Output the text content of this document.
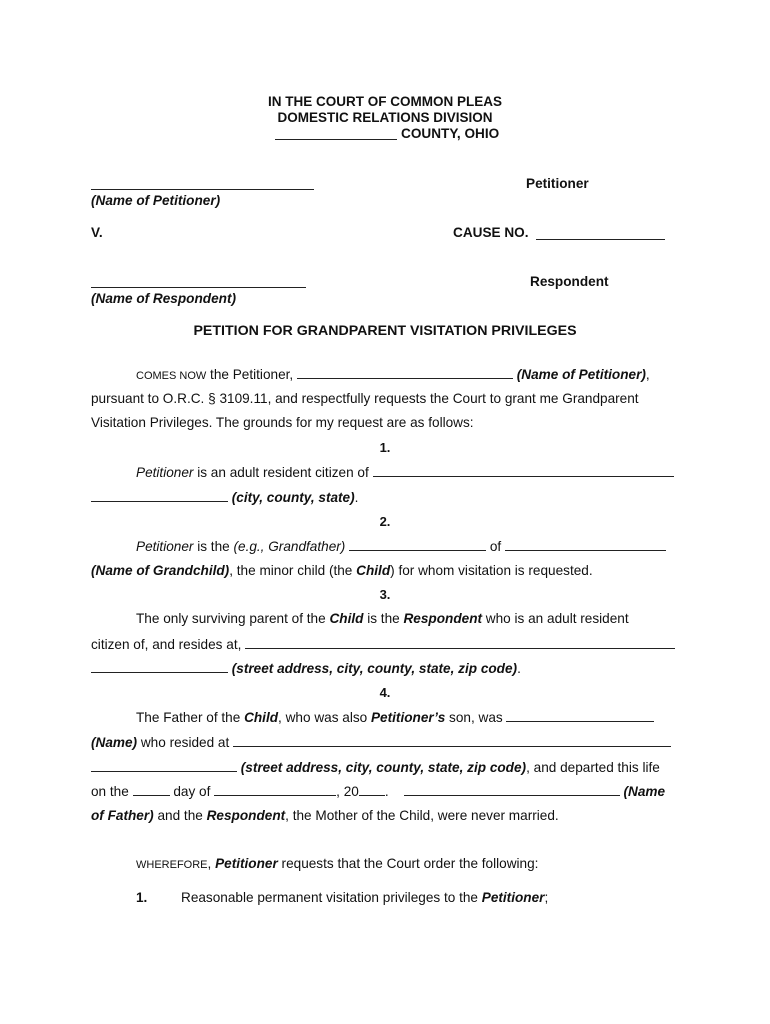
IN THE COURT OF COMMON PLEAS
DOMESTIC RELATIONS DIVISION
COUNTY, OHIO
Petitioner
(Name of Petitioner)
V.	CAUSE NO.
Respondent
(Name of Respondent)
PETITION FOR GRANDPARENT VISITATION PRIVILEGES
COMES NOW the Petitioner,	(Name of Petitioner),
pursuant to O.R.C. § 3109.11, and respectfully requests the Court to grant me Grandparent
Visitation Privileges. The grounds for my request are as follows:
1.
Petitioner is an adult resident citizen of
(city, county, state).
2.
Petitioner is the (e.g., Grandfather)	of
(Name of Grandchild), the minor child (the Child) for whom visitation is requested.
3.
The only surviving parent of the Child is the Respondent who is an adult resident
citizen of, and resides at,
(street address, city, county, state, zip code).
4.
The Father of the Child, who was also Petitioner’s son, was
(Name) who resided at
(street address, city, county, state, zip code), and departed this life
on the	day of	, 20 .	(Name
of Father) and the Respondent, the Mother of the Child, were never married.
WHEREFORE, Petitioner requests that the Court order the following:
1. Reasonable permanent visitation privileges to the Petitioner;
